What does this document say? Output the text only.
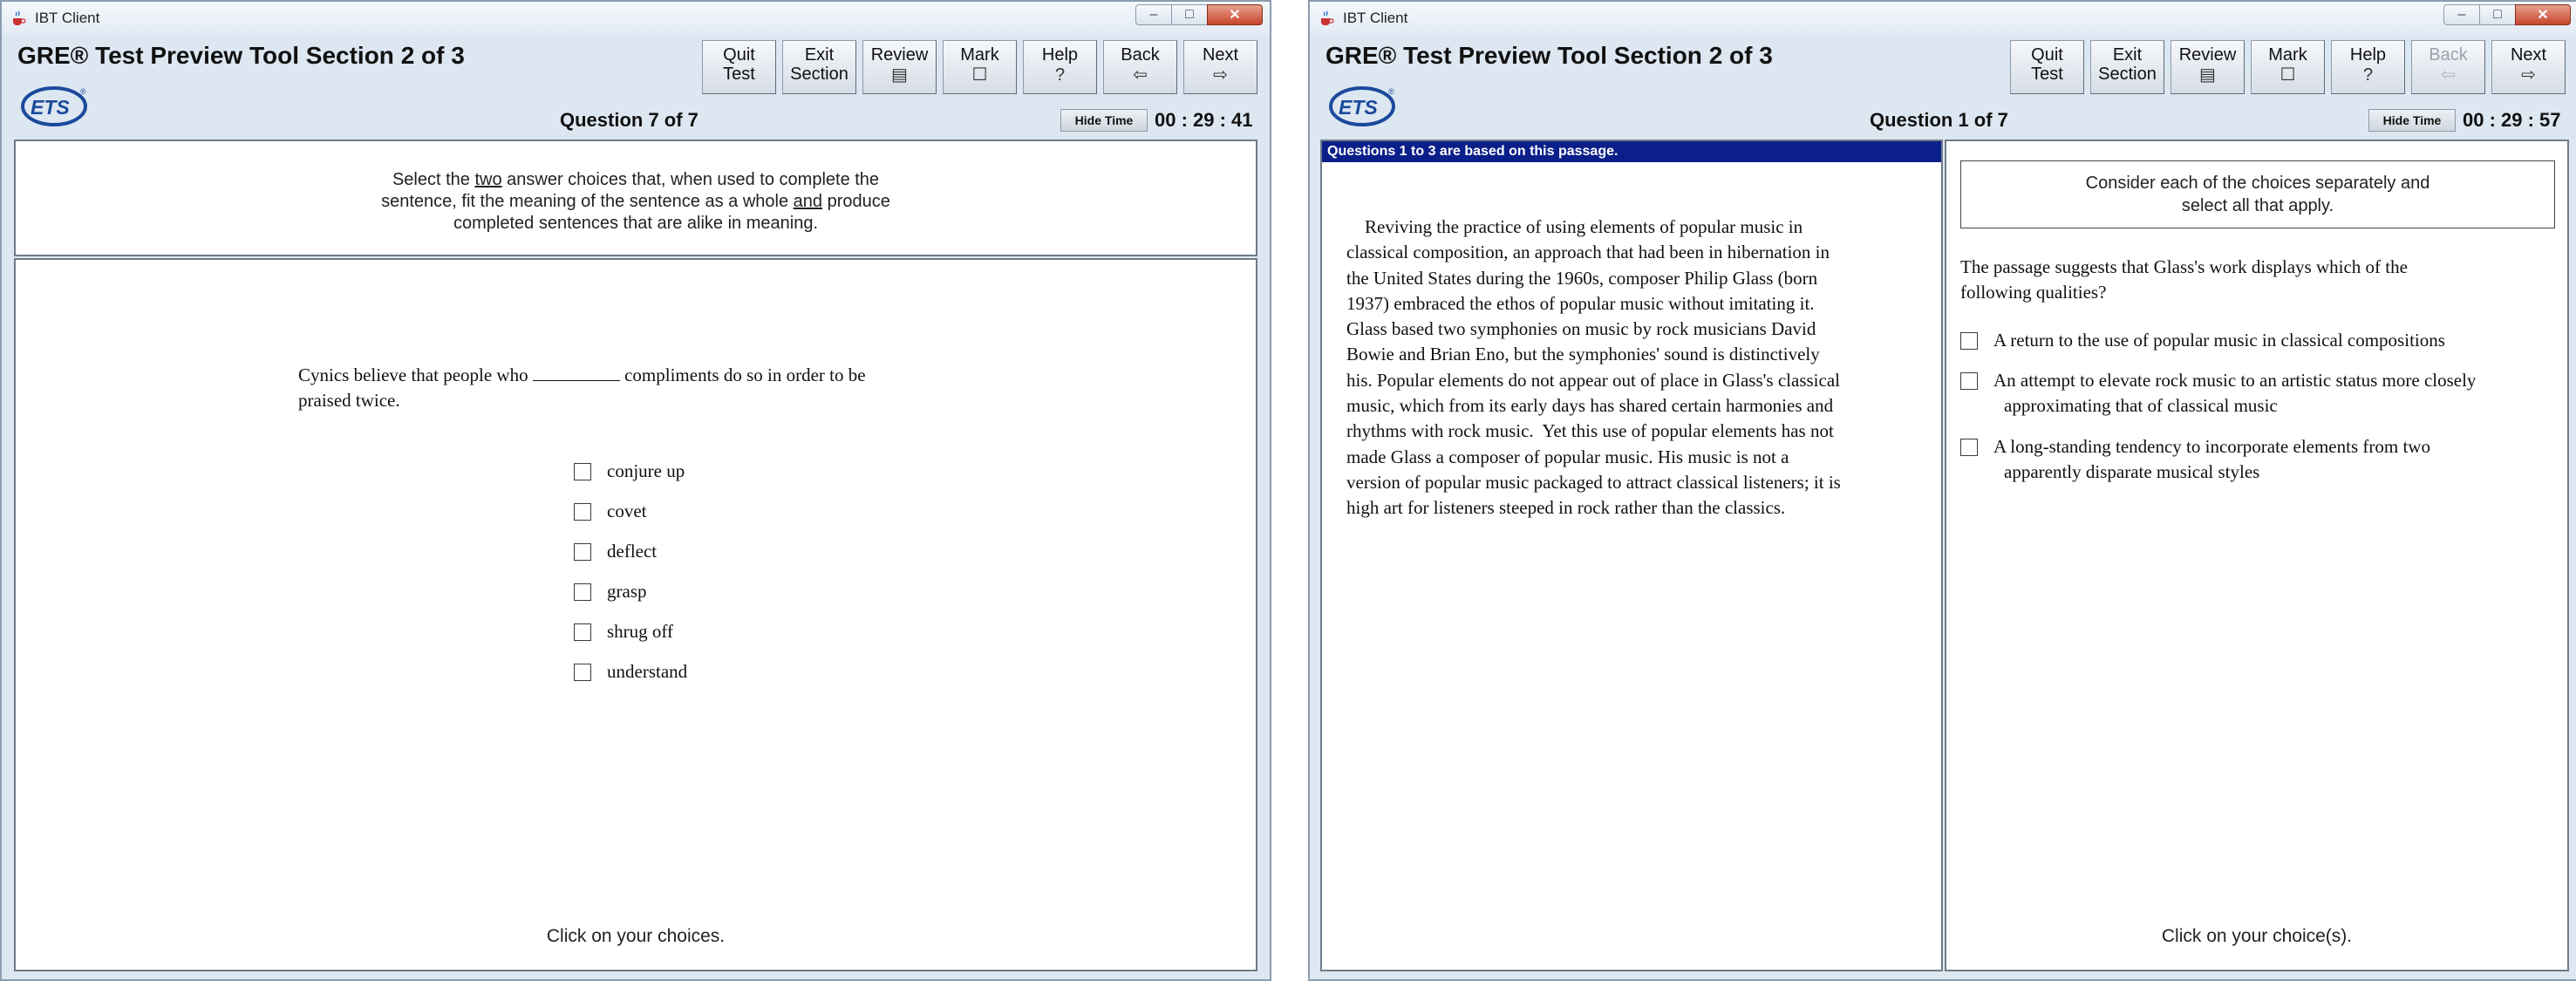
IBT Client	–	□	✕
GRE® Test Preview Tool Section 2 of 3
ETS
®
Question 7 of 7
Quit
Test
Exit
Section
Review
▤
Mark
☐
Help
?
Back
⇦
Next
⇨
Hide Time	00 : 29 : 41
Select the two answer choices that, when used to complete the
sentence, fit the meaning of the sentence as a whole and produce
completed sentences that are alike in meaning.
Cynics believe that people who	compliments do so in order to be
praised twice.
conjure up
covet
deflect
grasp
shrug off
understand
Click on your choices.
IBT Client	–	□	✕
GRE® Test Preview Tool Section 2 of 3
ETS
®
Question 1 of 7
Quit
Test
Exit
Section
Review
▤
Mark
☐
Help
?
Back
⇦
Next
⇨
Hide Time	00 : 29 : 57
Questions 1 to 3 are based on this passage.
Reviving the practice of using elements of popular music in
classical composition, an approach that had been in hibernation in
the United States during the 1960s, composer Philip Glass (born
1937) embraced the ethos of popular music without imitating it.
Glass based two symphonies on music by rock musicians David
Bowie and Brian Eno, but the symphonies' sound is distinctively
his. Popular elements do not appear out of place in Glass's classical
music, which from its early days has shared certain harmonies and
rhythms with rock music.  Yet this use of popular elements has not
made Glass a composer of popular music. His music is not a
version of popular music packaged to attract classical listeners; it is
high art for listeners steeped in rock rather than the classics.
Consider each of the choices separately and
select all that apply.
The passage suggests that Glass's work displays which of the
following qualities?
A return to the use of popular music in classical compositions
An attempt to elevate rock music to an artistic status more closely
approximating that of classical music
A long-standing tendency to incorporate elements from two
apparently disparate musical styles
Click on your choice(s).
